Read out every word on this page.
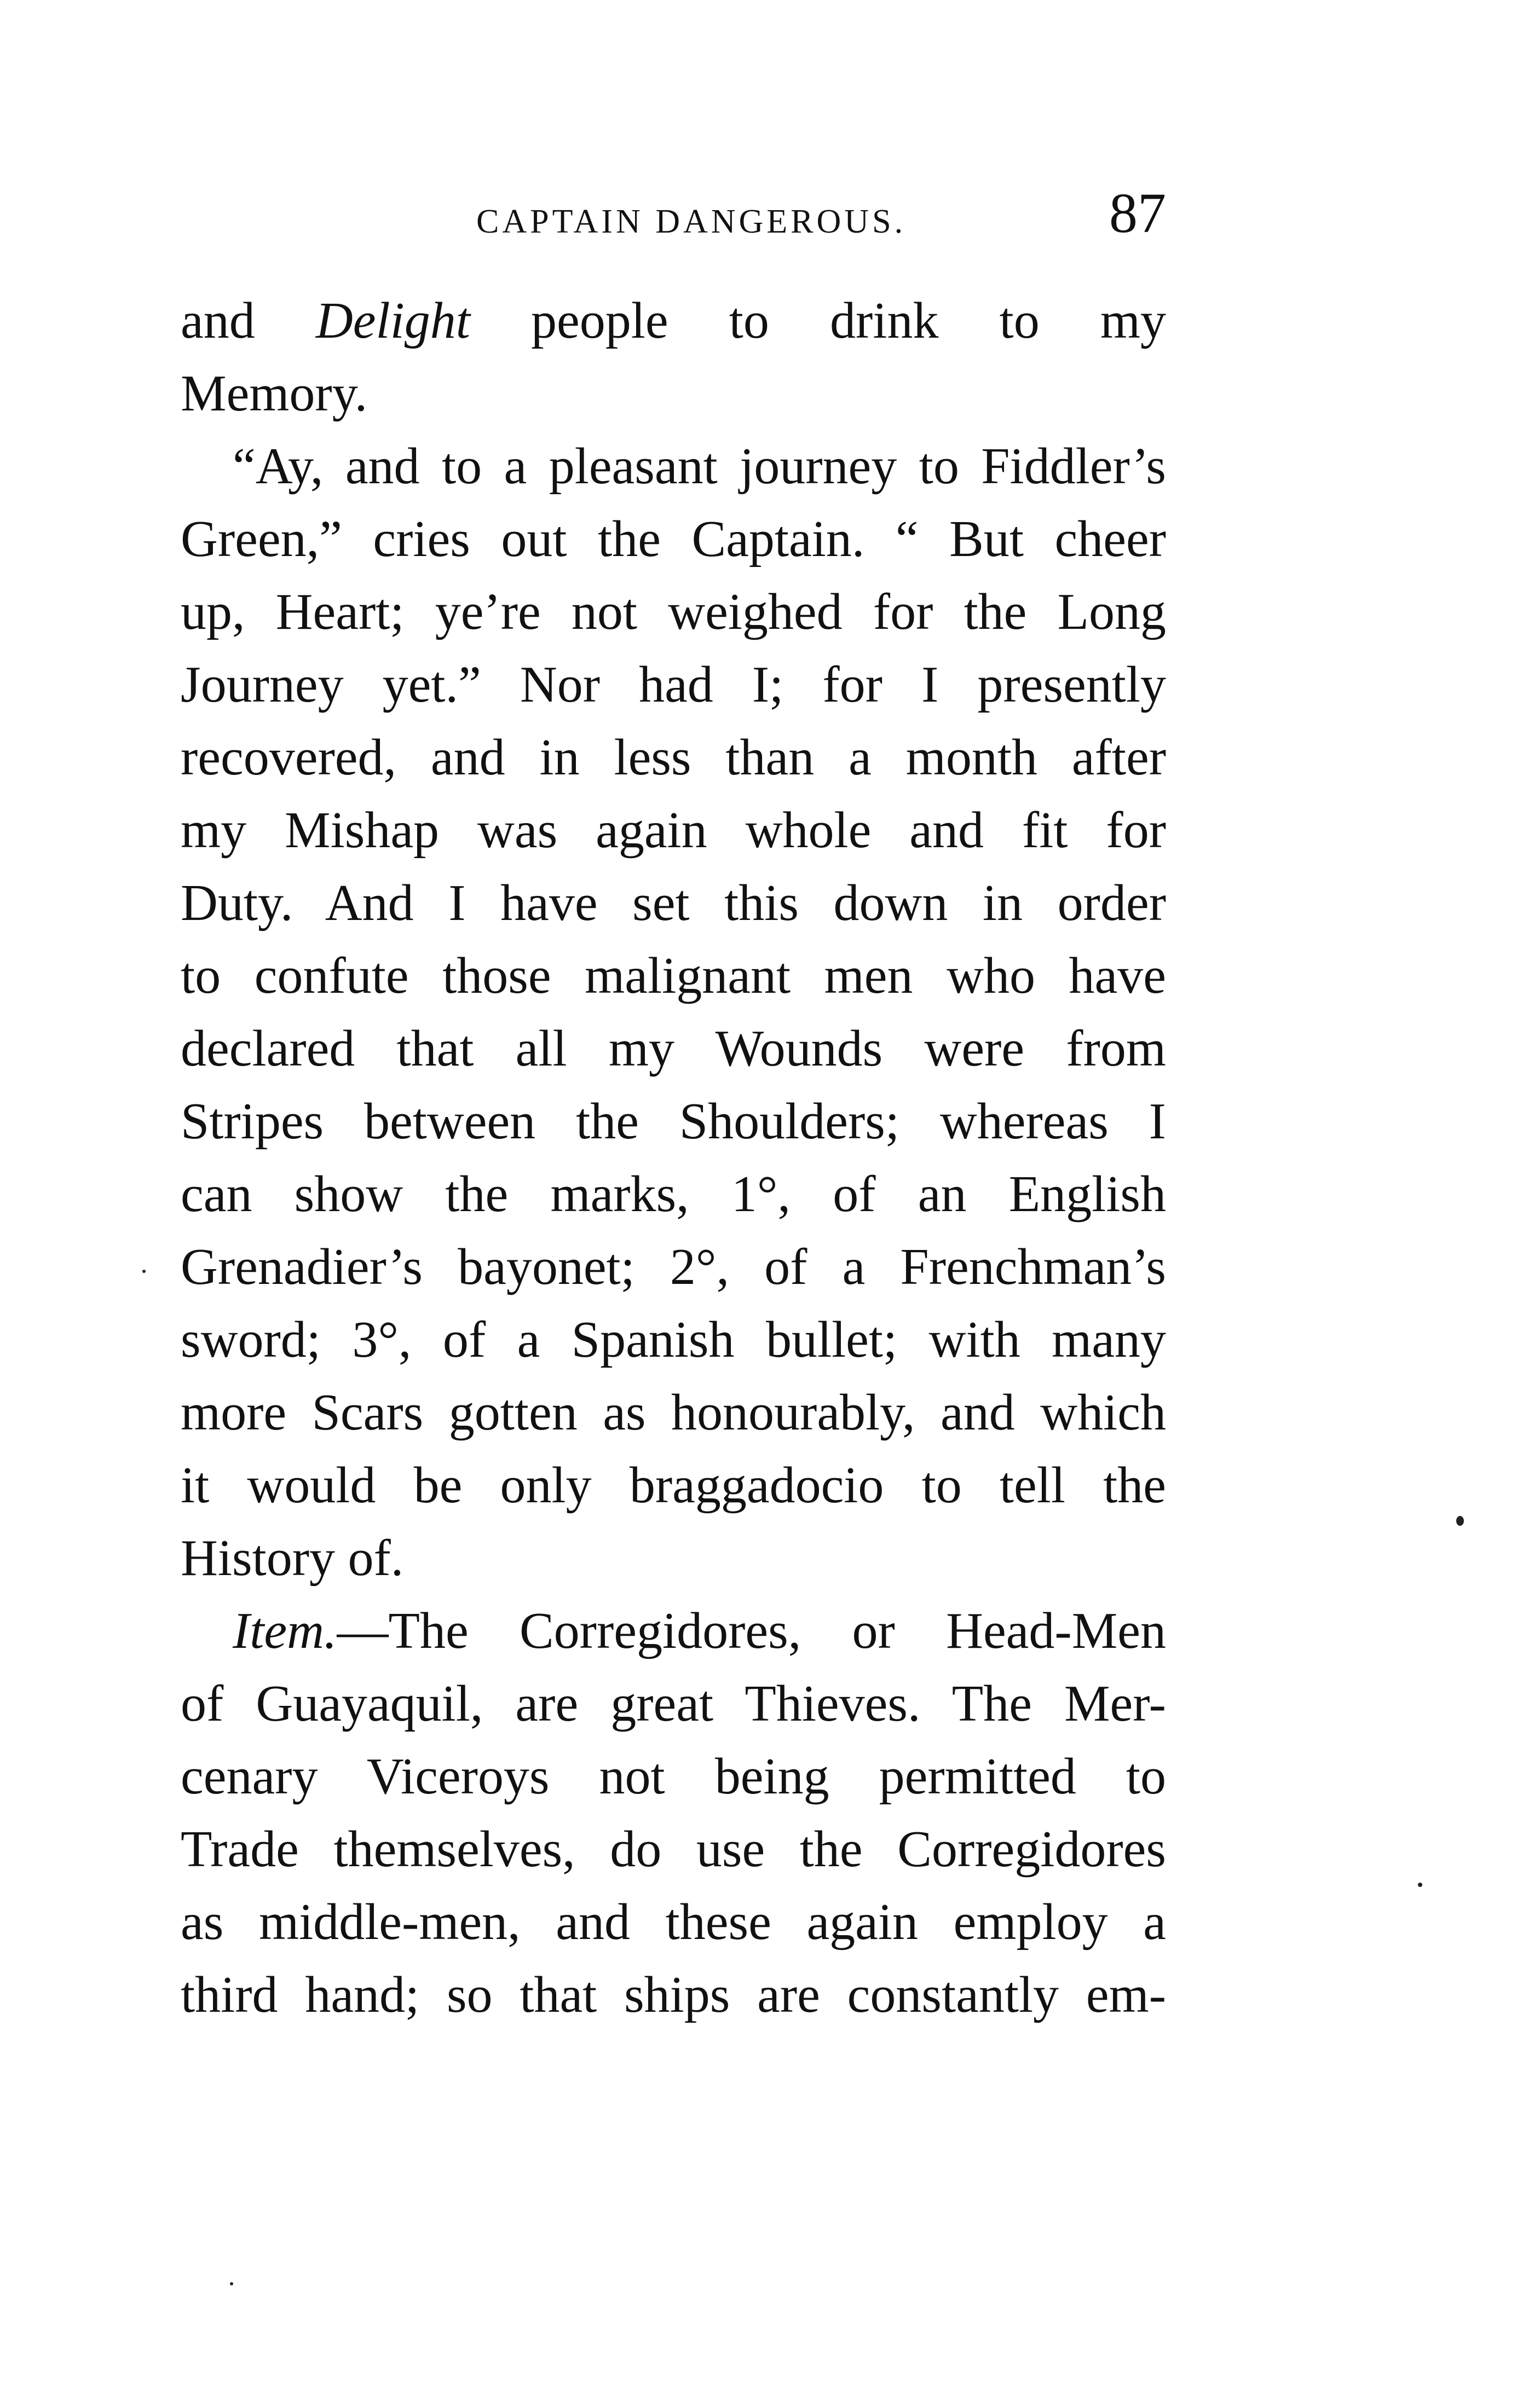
CAPTAIN DANGEROUS.	87
and Delight people to drink to my
Memory.
“Ay, and to a pleasant journey to Fiddler’s
Green,” cries out the Captain. “ But cheer
up, Heart; ye’re not weighed for the Long
Journey yet.” Nor had I; for I presently
recovered, and in less than a month after
my Mishap was again whole and fit for
Duty. And I have set this down in order
to confute those malignant men who have
declared that all my Wounds were from
Stripes between the Shoulders; whereas I
can show the marks, 1°, of an English
Grenadier’s bayonet; 2°, of a Frenchman’s
sword; 3°, of a Spanish bullet; with many
more Scars gotten as honourably, and which
it would be only braggadocio to tell the
History of.
Item.—The Corregidores, or Head-Men
of Guayaquil, are great Thieves. The Mer-
cenary Viceroys not being permitted to
Trade themselves, do use the Corregidores
as middle-men, and these again employ a
third hand; so that ships are constantly em-
